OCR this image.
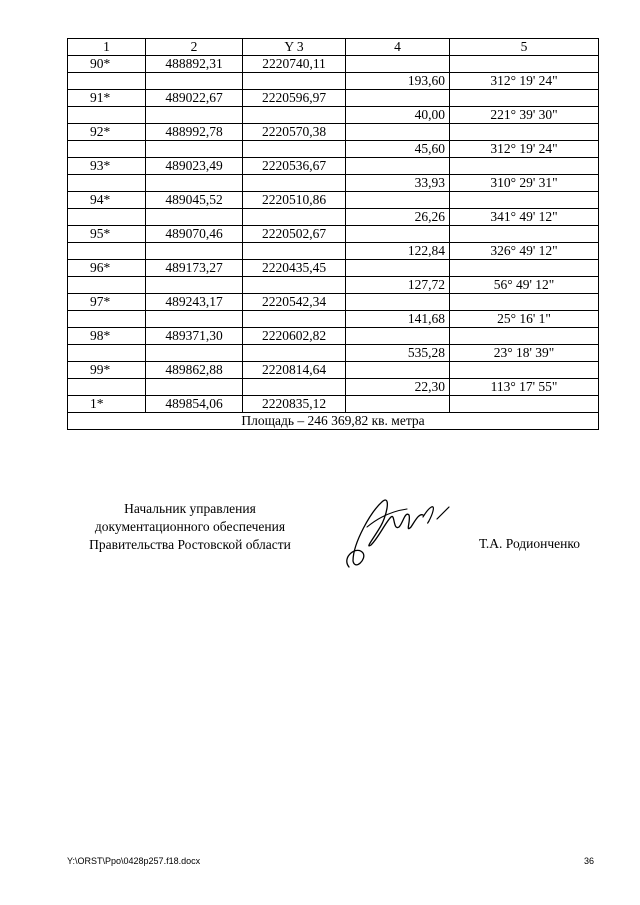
1	2	Y 3	4	5
90*	488892,31	2220740,11		
			193,60	312° 19' 24"
91*	489022,67	2220596,97		
			40,00	221° 39' 30"
92*	488992,78	2220570,38		
			45,60	312° 19' 24"
93*	489023,49	2220536,67		
			33,93	310° 29' 31"
94*	489045,52	2220510,86		
			26,26	341° 49' 12"
95*	489070,46	2220502,67		
			122,84	326° 49' 12"
96*	489173,27	2220435,45		
			127,72	56° 49' 12"
97*	489243,17	2220542,34		
			141,68	25° 16' 1"
98*	489371,30	2220602,82		
			535,28	23° 18' 39"
99*	489862,88	2220814,64		
			22,30	113° 17' 55"
1*	489854,06	2220835,12		
Площадь – 246 369,82 кв. метра				
Начальник управления
документационного обеспечения
Правительства Ростовской области	Т.А. Родионченко
Y:\ORST\Ppo\0428p257.f18.docx	36
